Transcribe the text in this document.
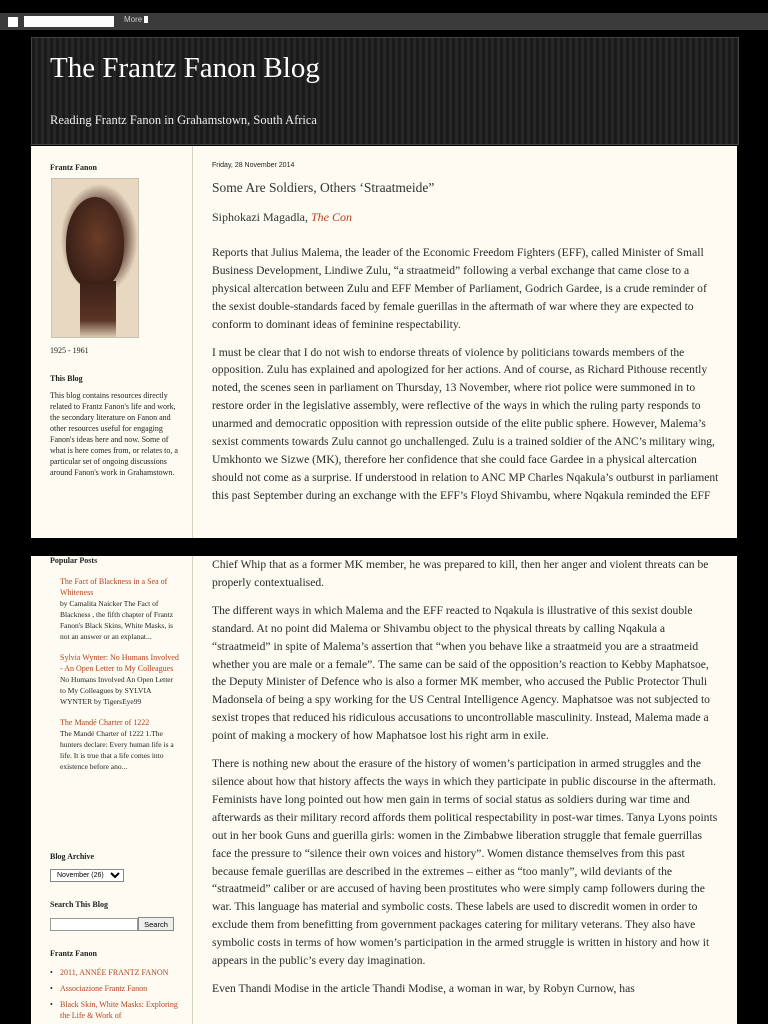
More
The Frantz Fanon Blog
Reading Frantz Fanon in Grahamstown, South Africa
Frantz Fanon
1925 - 1961
This Blog
This blog contains resources directly related to Frantz Fanon's life and work, the secondary literature on Fanon and other resources useful for engaging Fanon's ideas here and now. Some of what is here comes from, or relates to, a particular set of ongoing discussions around Fanon's work in Grahamstown.
Friday, 28 November 2014
Some Are Soldiers, Others ‘Straatmeide”
Siphokazi Magadla, The Con

Reports that Julius Malema, the leader of the Economic Freedom Fighters (EFF), called Minister of Small Business Development, Lindiwe Zulu, “a straatmeid” following a verbal exchange that came close to a physical altercation between Zulu and EFF Member of Parliament, Godrich Gardee, is a crude reminder of the sexist double-standards faced by female guerillas in the aftermath of war where they are expected to conform to dominant ideas of feminine respectability.

I must be clear that I do not wish to endorse threats of violence by politicians towards members of the opposition. Zulu has explained and apologized for her actions. And of course, as Richard Pithouse recently noted, the scenes seen in parliament on Thursday, 13 November, where riot police were summoned in to restore order in the legislative assembly, were reflective of the ways in which the ruling party responds to unarmed and democratic opposition with repression outside of the elite public sphere. However, Malema’s sexist comments towards Zulu cannot go unchallenged. Zulu is a trained soldier of the ANC’s military wing, Umkhonto we Sizwe (MK), therefore her confidence that she could face Gardee in a physical altercation should not come as a surprise. If understood in relation to ANC MP Charles Nqakula’s outburst in parliament this past September during an exchange with the EFF’s Floyd Shivambu, where Nqakula reminded the EFF

Popular Posts
The Fact of Blackness in a Sea of Whiteness
by Camalita Naicker The Fact of Blackness , the fifth chapter of Frantz Fanon's Black Skins, White Masks, is not an answer or an explanat...
Sylvia Wynter: No Humans Involved - An Open Letter to My Colleagues
No Humans Involved An Open Letter to My Colleagues by SYLVIA WYNTER by TigersEye99
The Mandé Charter of 1222
The Mandé Charter of 1222 1.The hunters declare: Every human life is a life. It is true that a life comes into existence before ano...
Blog Archive
November (26)
Search This Blog
Search
Frantz Fanon
• 2011, ANNÉE FRANTZ FANON
• Associazione Frantz Fanon
• Black Skin, White Masks: Exploring the Life & Work of

Chief Whip that as a former MK member, he was prepared to kill, then her anger and violent threats can be properly contextualised.

The different ways in which Malema and the EFF reacted to Nqakula is illustrative of this sexist double standard. At no point did Malema or Shivambu object to the physical threats by calling Nqakula a “straatmeid” in spite of Malema’s assertion that “when you behave like a straatmeid you are a straatmeid whether you are male or a female”. The same can be said of the opposition’s reaction to Kebby Maphatsoe, the Deputy Minister of Defence who is also a former MK member, who accused the Public Protector Thuli Madonsela of being a spy working for the US Central Intelligence Agency. Maphatsoe was not subjected to sexist tropes that reduced his ridiculous accusations to uncontrollable masculinity. Instead, Malema made a point of making a mockery of how Maphatsoe lost his right arm in exile.

There is nothing new about the erasure of the history of women’s participation in armed struggles and the silence about how that history affects the ways in which they participate in public discourse in the aftermath. Feminists have long pointed out how men gain in terms of social status as soldiers during war time and afterwards as their military record affords them political respectability in post-war times. Tanya Lyons points out in her book Guns and guerilla girls: women in the Zimbabwe liberation struggle that female guerrillas face the pressure to “silence their own voices and history”. Women distance themselves from this past because female guerillas are described in the extremes – either as “too manly”, wild deviants of the “straatmeid” caliber or are accused of having been prostitutes who were simply camp followers during the war. This language has material and symbolic costs. These labels are used to discredit women in order to exclude them from benefitting from government packages catering for military veterans. They also have symbolic costs in terms of how women’s participation in the armed struggle is written in history and how it appears in the public’s every day imagination.

Even Thandi Modise in the article Thandi Modise, a woman in war, by Robyn Curnow, has
